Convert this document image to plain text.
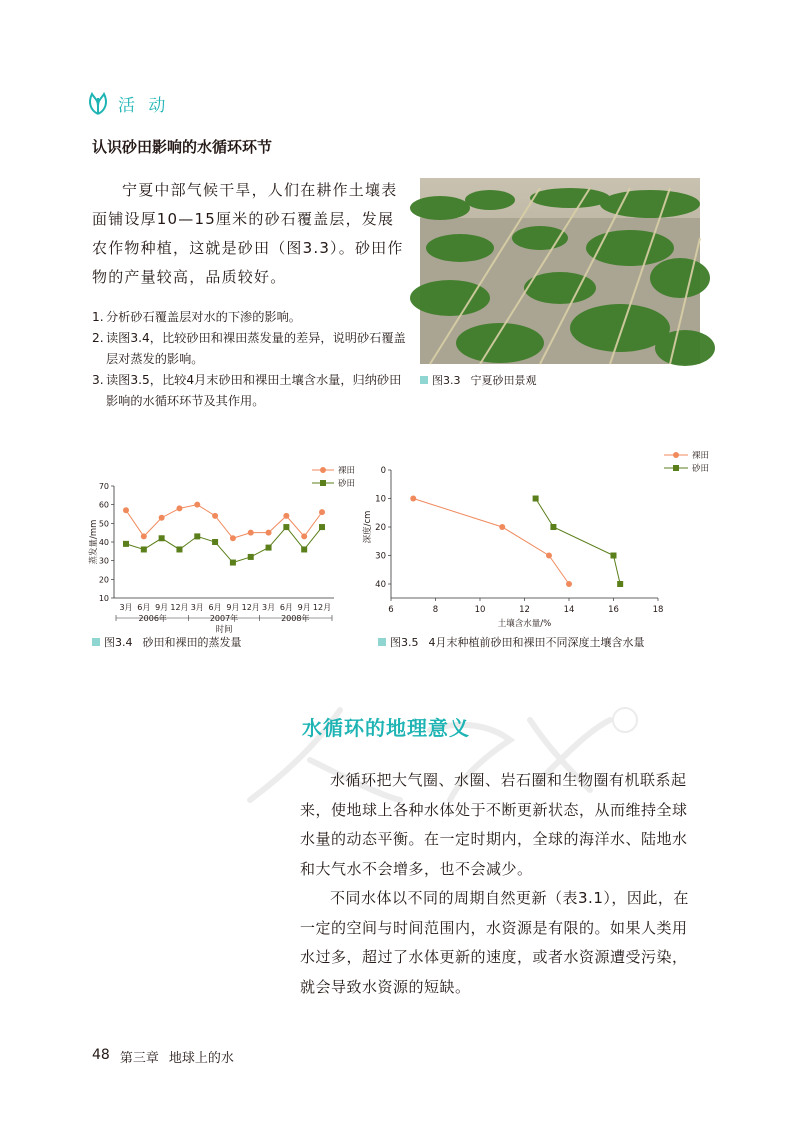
活 动
认识砂田影响的水循环环节

宁夏中部气候干旱，人们在耕作土壤表面铺设厚10—15厘米的砂石覆盖层，发展农作物种植，这就是砂田（图3.3）。砂田作物的产量较高，品质较好。

1. 分析砂石覆盖层对水的下渗的影响。
2. 读图3.4，比较砂田和裸田蒸发量的差异，说明砂石覆盖层对蒸发的影响。
3. 读图3.5，比较4月末砂田和裸田土壤含水量，归纳砂田影响的水循环环节及其作用。
图3.3 宁夏砂田景观
10
20
30
40
50
60
70
3月 6月 9月 12月 3月 6月 9月 12月 3月 6月 9月 12月
2006年	2007年	2008年
时间
蒸发量/mm
裸田
砂田
图3.4 砂田和裸田的蒸发量
0
10
20
30
40
6	8	10	12	14	16	18
土壤含水量/%
深度/cm
裸田
砂田
图3.5 4月末种植前砂田和裸田不同深度土壤含水量
水循环的地理意义

水循环把大气圈、水圈、岩石圈和生物圈有机联系起来，使地球上各种水体处于不断更新状态，从而维持全球水量的动态平衡。在一定时期内，全球的海洋水、陆地水和大气水不会增多，也不会减少。

不同水体以不同的周期自然更新（表3.1），因此，在一定的空间与时间范围内，水资源是有限的。如果人类用水过多，超过了水体更新的速度，或者水资源遭受污染，就会导致水资源的短缺。

48 第三章 地球上的水
